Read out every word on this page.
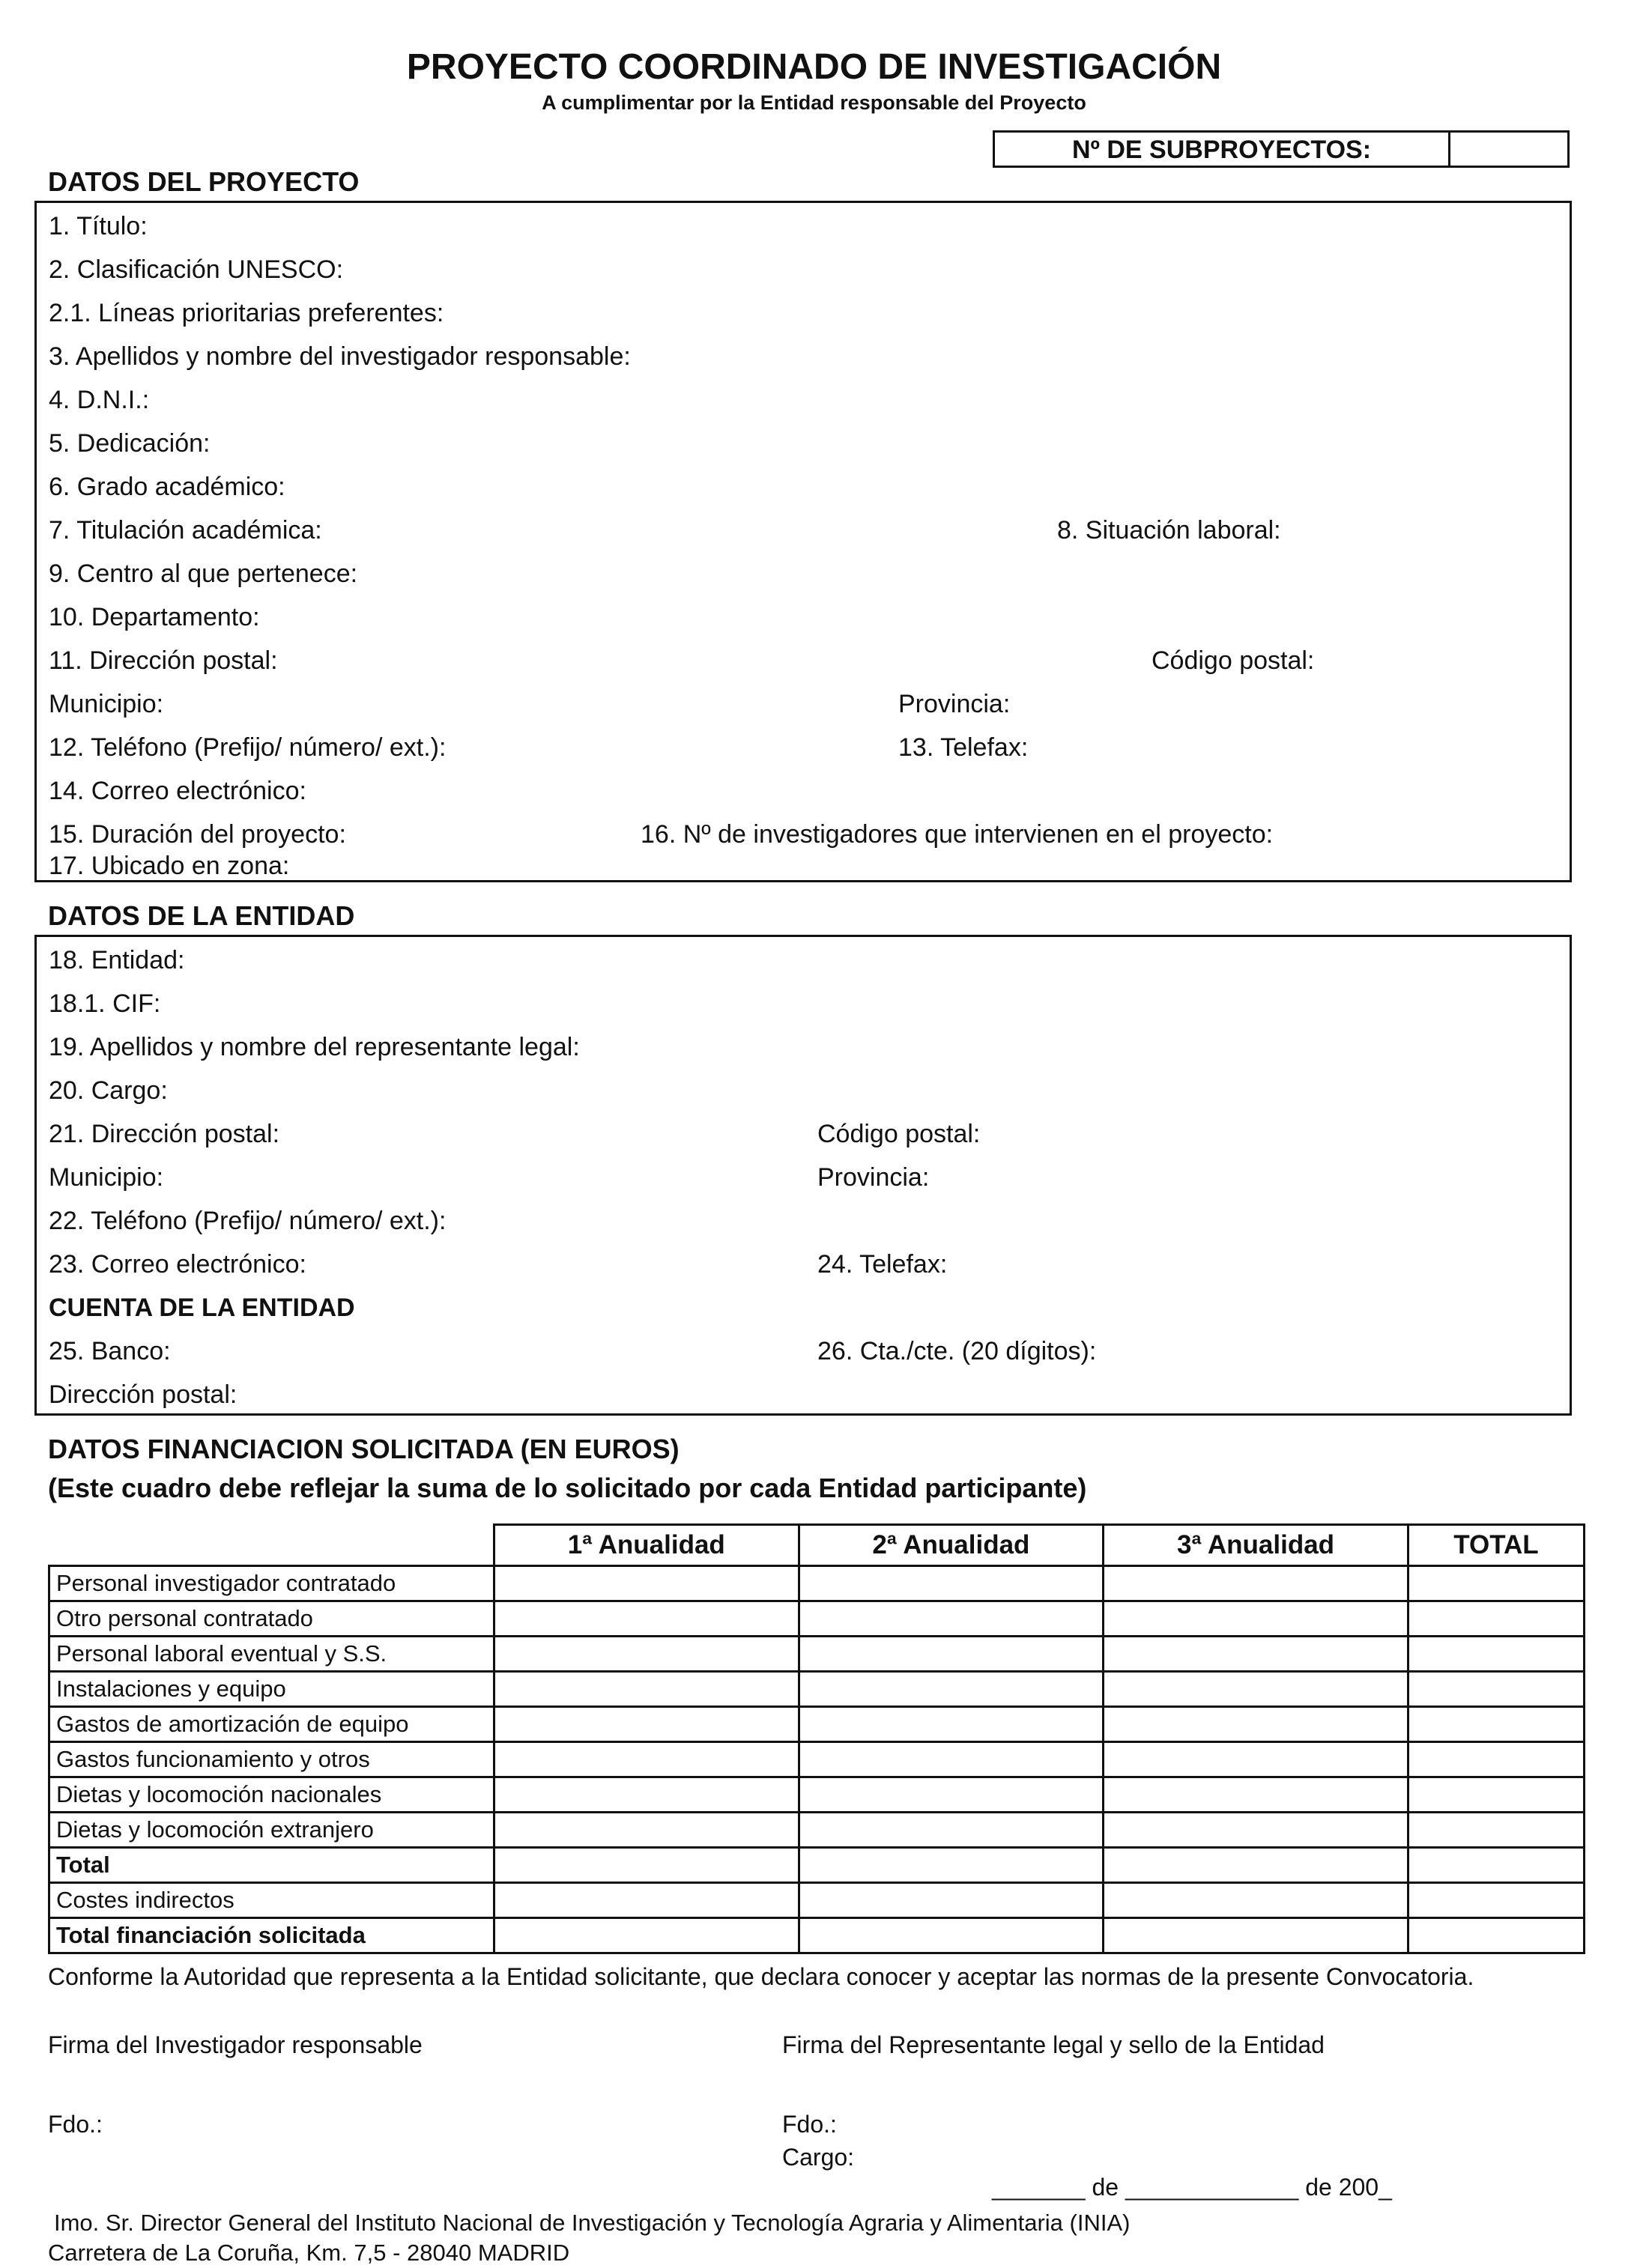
PROYECTO COORDINADO DE INVESTIGACIÓN
A cumplimentar por la Entidad responsable del Proyecto
Nº DE SUBPROYECTOS:
DATOS DEL PROYECTO
1. Título:
2. Clasificación UNESCO:
2.1. Líneas prioritarias preferentes:
3. Apellidos y nombre del investigador responsable:
4. D.N.I.:
5. Dedicación:
6. Grado académico:
7. Titulación académica:	8. Situación laboral:
9. Centro al que pertenece:
10. Departamento:
11. Dirección postal:	Código postal:
Municipio:	Provincia:
12. Teléfono (Prefijo/ número/ ext.):	13. Telefax:
14. Correo electrónico:
15. Duración del proyecto:	16. Nº de investigadores que intervienen en el proyecto:
17. Ubicado en zona:
DATOS DE LA ENTIDAD
18. Entidad:
18.1. CIF:
19. Apellidos y nombre del representante legal:
20. Cargo:
21. Dirección postal:	Código postal:
Municipio:	Provincia:
22. Teléfono (Prefijo/ número/ ext.):
23. Correo electrónico:	24. Telefax:
CUENTA DE LA ENTIDAD
25. Banco:	26. Cta./cte. (20 dígitos):
Dirección postal:
DATOS FINANCIACION SOLICITADA (EN EUROS)
(Este cuadro debe reflejar la suma de lo solicitado por cada Entidad participante)
	1ª Anualidad	2ª Anualidad	3ª Anualidad	TOTAL
Personal investigador contratado				
Otro personal contratado				
Personal laboral eventual y S.S.				
Instalaciones y equipo				
Gastos de amortización de equipo				
Gastos funcionamiento y otros				
Dietas y locomoción nacionales				
Dietas y locomoción extranjero				
Total				
Costes indirectos				
Total financiación solicitada				
Conforme la Autoridad que representa a la Entidad solicitante, que declara conocer y aceptar las normas de la presente Convocatoria.
Firma del Investigador responsable	Firma del Representante legal y sello de la Entidad
Fdo.:	Fdo.:
Cargo:
_______ de _____________ de 200_
Imo. Sr. Director General del Instituto Nacional de Investigación y Tecnología Agraria y Alimentaria (INIA)
Carretera de La Coruña, Km. 7,5 - 28040 MADRID
